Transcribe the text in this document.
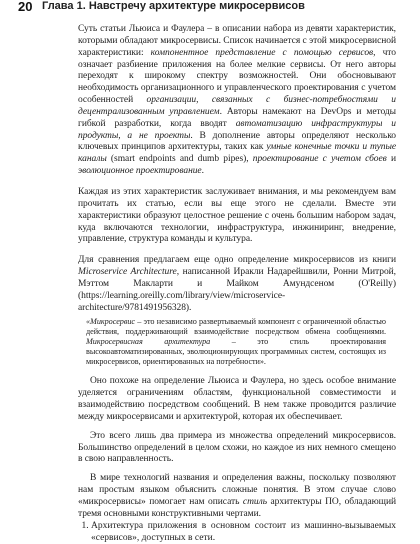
20 Глава 1. Навстречу архитектуре микросервисов

Суть статьи Льюиса и Фаулера – в описании набора из девяти характеристик, которыми обладают микросервисы. Список начинается с этой микросервисной характеристики: компонентное представление с помощью сервисов, что означает разбиение приложения на более мелкие сервисы. От него авторы переходят к широкому спектру возможностей. Они обосновывают необходимость организационного и управленческого проектирования с учетом особенностей организации, связанных с бизнес-потребностями и децентрализованным управлением. Авторы намекают на DevOps и методы гибкой разработки, когда вводят автоматизацию инфраструктуры и продукты, а не проекты. В дополнение авторы определяют несколько ключевых принципов архитектуры, таких как умные конечные точки и тупые каналы (smart endpoints and dumb pipes), проектирование с учетом сбоев и эволюционное проектирование.

Каждая из этих характеристик заслуживает внимания, и мы рекомендуем вам прочитать их статью, если вы еще этого не сделали. Вместе эти характеристики образуют целостное решение с очень большим набором задач, куда включаются технологии, инфраструктура, инжиниринг, внедрение, управление, структура команды и культура.

Для сравнения предлагаем еще одно определение микросервисов из книги Microservice Architecture, написанной Иракли Надарейшвили, Ронни Митрой, Мэттом Макларти и Майком Амундсеном (O'Reilly) (https://learning.oreilly.com/library/view/microservice-architecture/9781491956328).

«Микросервис – это независимо развертываемый компонент с ограниченной областью действия, поддерживающий взаимодействие посредством обмена сообщениями. Микросервисная архитектура – это стиль проектирования высокоавтоматизированных, эволюционирующих программных систем, состоящих из микросервисов, ориентированных на потребности».

Оно похоже на определение Льюиса и Фаулера, но здесь особое внимание уделяется ограничениям областям, функциональной совместимости и взаимодействию посредством сообщений. В нем также проводится различие между микросервисами и архитектурой, которая их обеспечивает.

Это всего лишь два примера из множества определений микросервисов. Большинство определений в целом схожи, но каждое из них немного смещено в свою направленность.

В мире технологий названия и определения важны, поскольку позволяют нам простым языком объяснить сложные понятия. В этом случае слово «микросервисы» помогает нам описать стиль архитектуры ПО, обладающий тремя основными конструктивными чертами.

1. Архитектура приложения в основном состоит из машинно-вызываемых «сервисов», доступных в сети.
